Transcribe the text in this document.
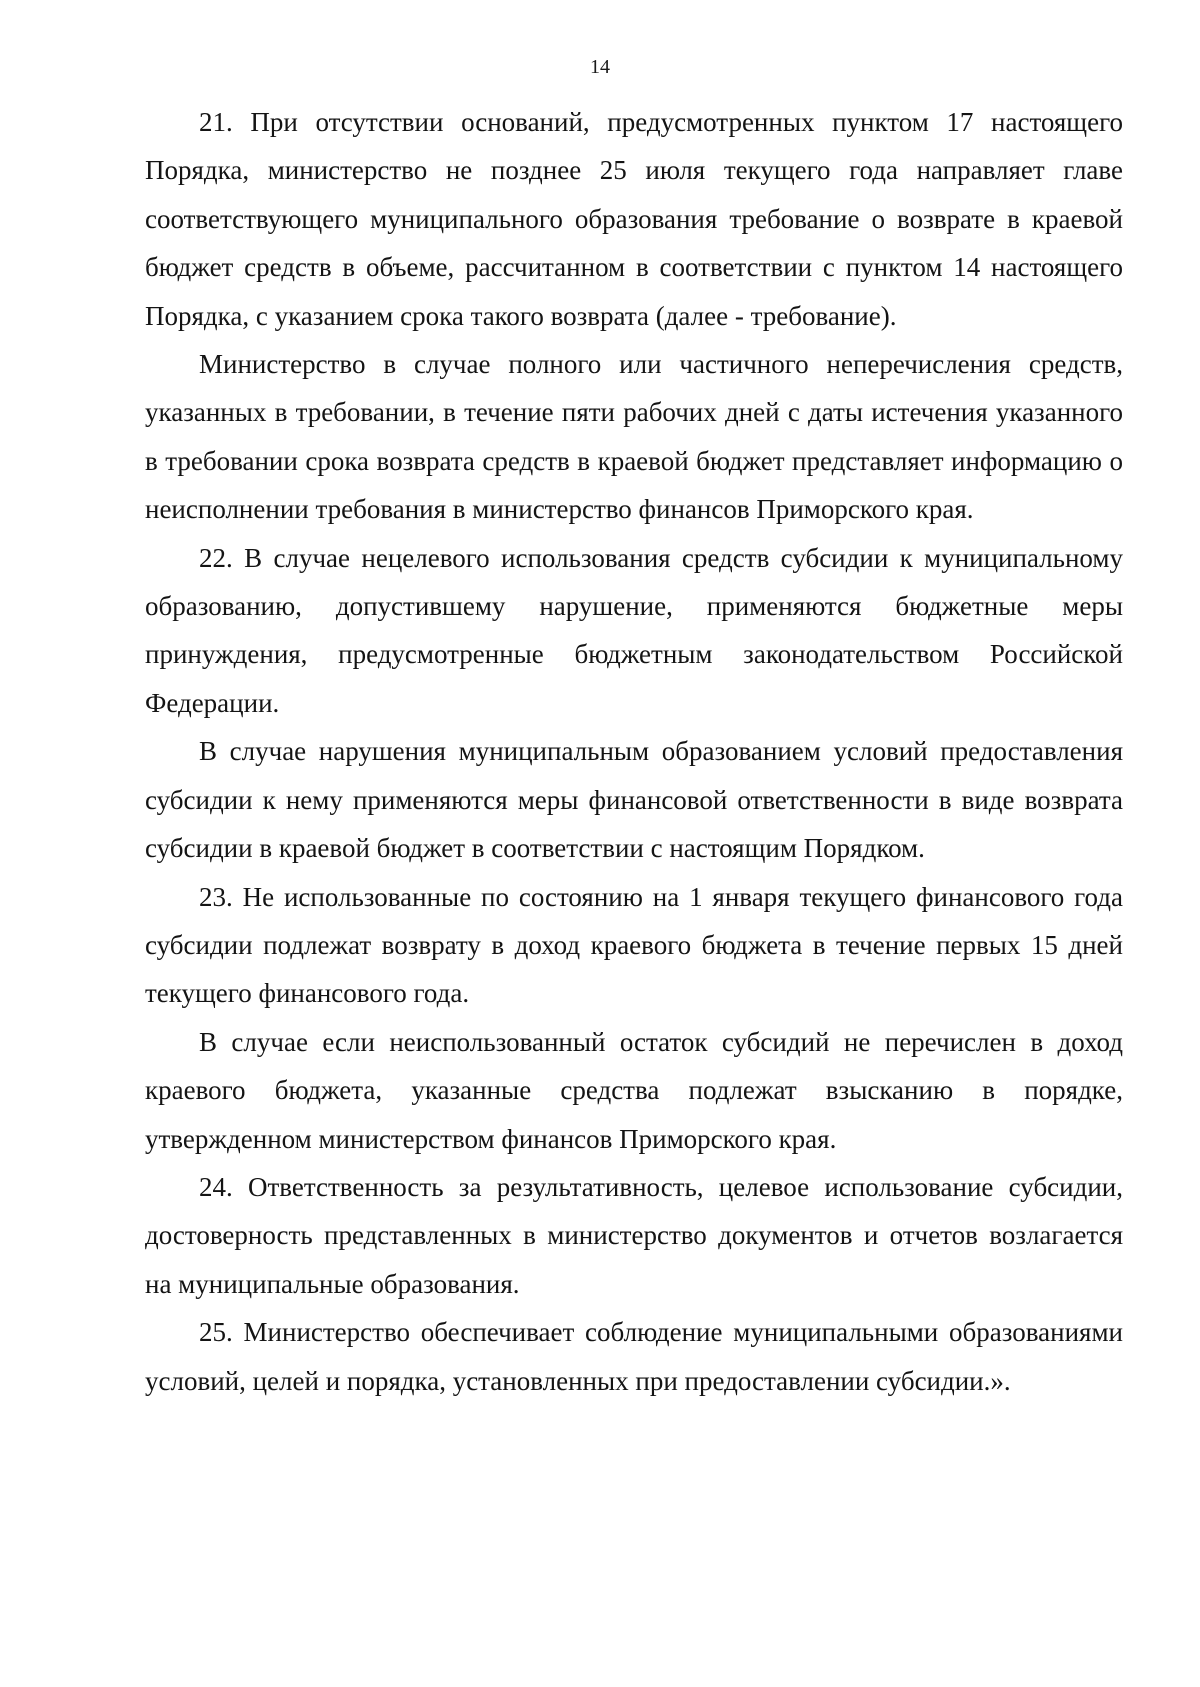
14

21. При отсутствии оснований, предусмотренных пунктом 17 настоящего Порядка, министерство не позднее 25 июля текущего года направляет главе соответствующего муниципального образования требование о возврате в краевой бюджет средств в объеме, рассчитанном в соответствии с пунктом 14 настоящего Порядка, с указанием срока такого возврата (далее - требование).

Министерство в случае полного или частичного неперечисления средств, указанных в требовании, в течение пяти рабочих дней с даты истечения указанного в требовании срока возврата средств в краевой бюджет представляет информацию о неисполнении требования в министерство финансов Приморского края.

22. В случае нецелевого использования средств субсидии к муниципальному образованию, допустившему нарушение, применяются бюджетные меры принуждения, предусмотренные бюджетным законодательством Российской Федерации.

В случае нарушения муниципальным образованием условий предоставления субсидии к нему применяются меры финансовой ответственности в виде возврата субсидии в краевой бюджет в соответствии с настоящим Порядком.

23. Не использованные по состоянию на 1 января текущего финансового года субсидии подлежат возврату в доход краевого бюджета в течение первых 15 дней текущего финансового года.

В случае если неиспользованный остаток субсидий не перечислен в доход краевого бюджета, указанные средства подлежат взысканию в порядке, утвержденном министерством финансов Приморского края.

24. Ответственность за результативность, целевое использование субсидии, достоверность представленных в министерство документов и отчетов возлагается на муниципальные образования.

25. Министерство обеспечивает соблюдение муниципальными образованиями условий, целей и порядка, установленных при предоставлении субсидии.».
